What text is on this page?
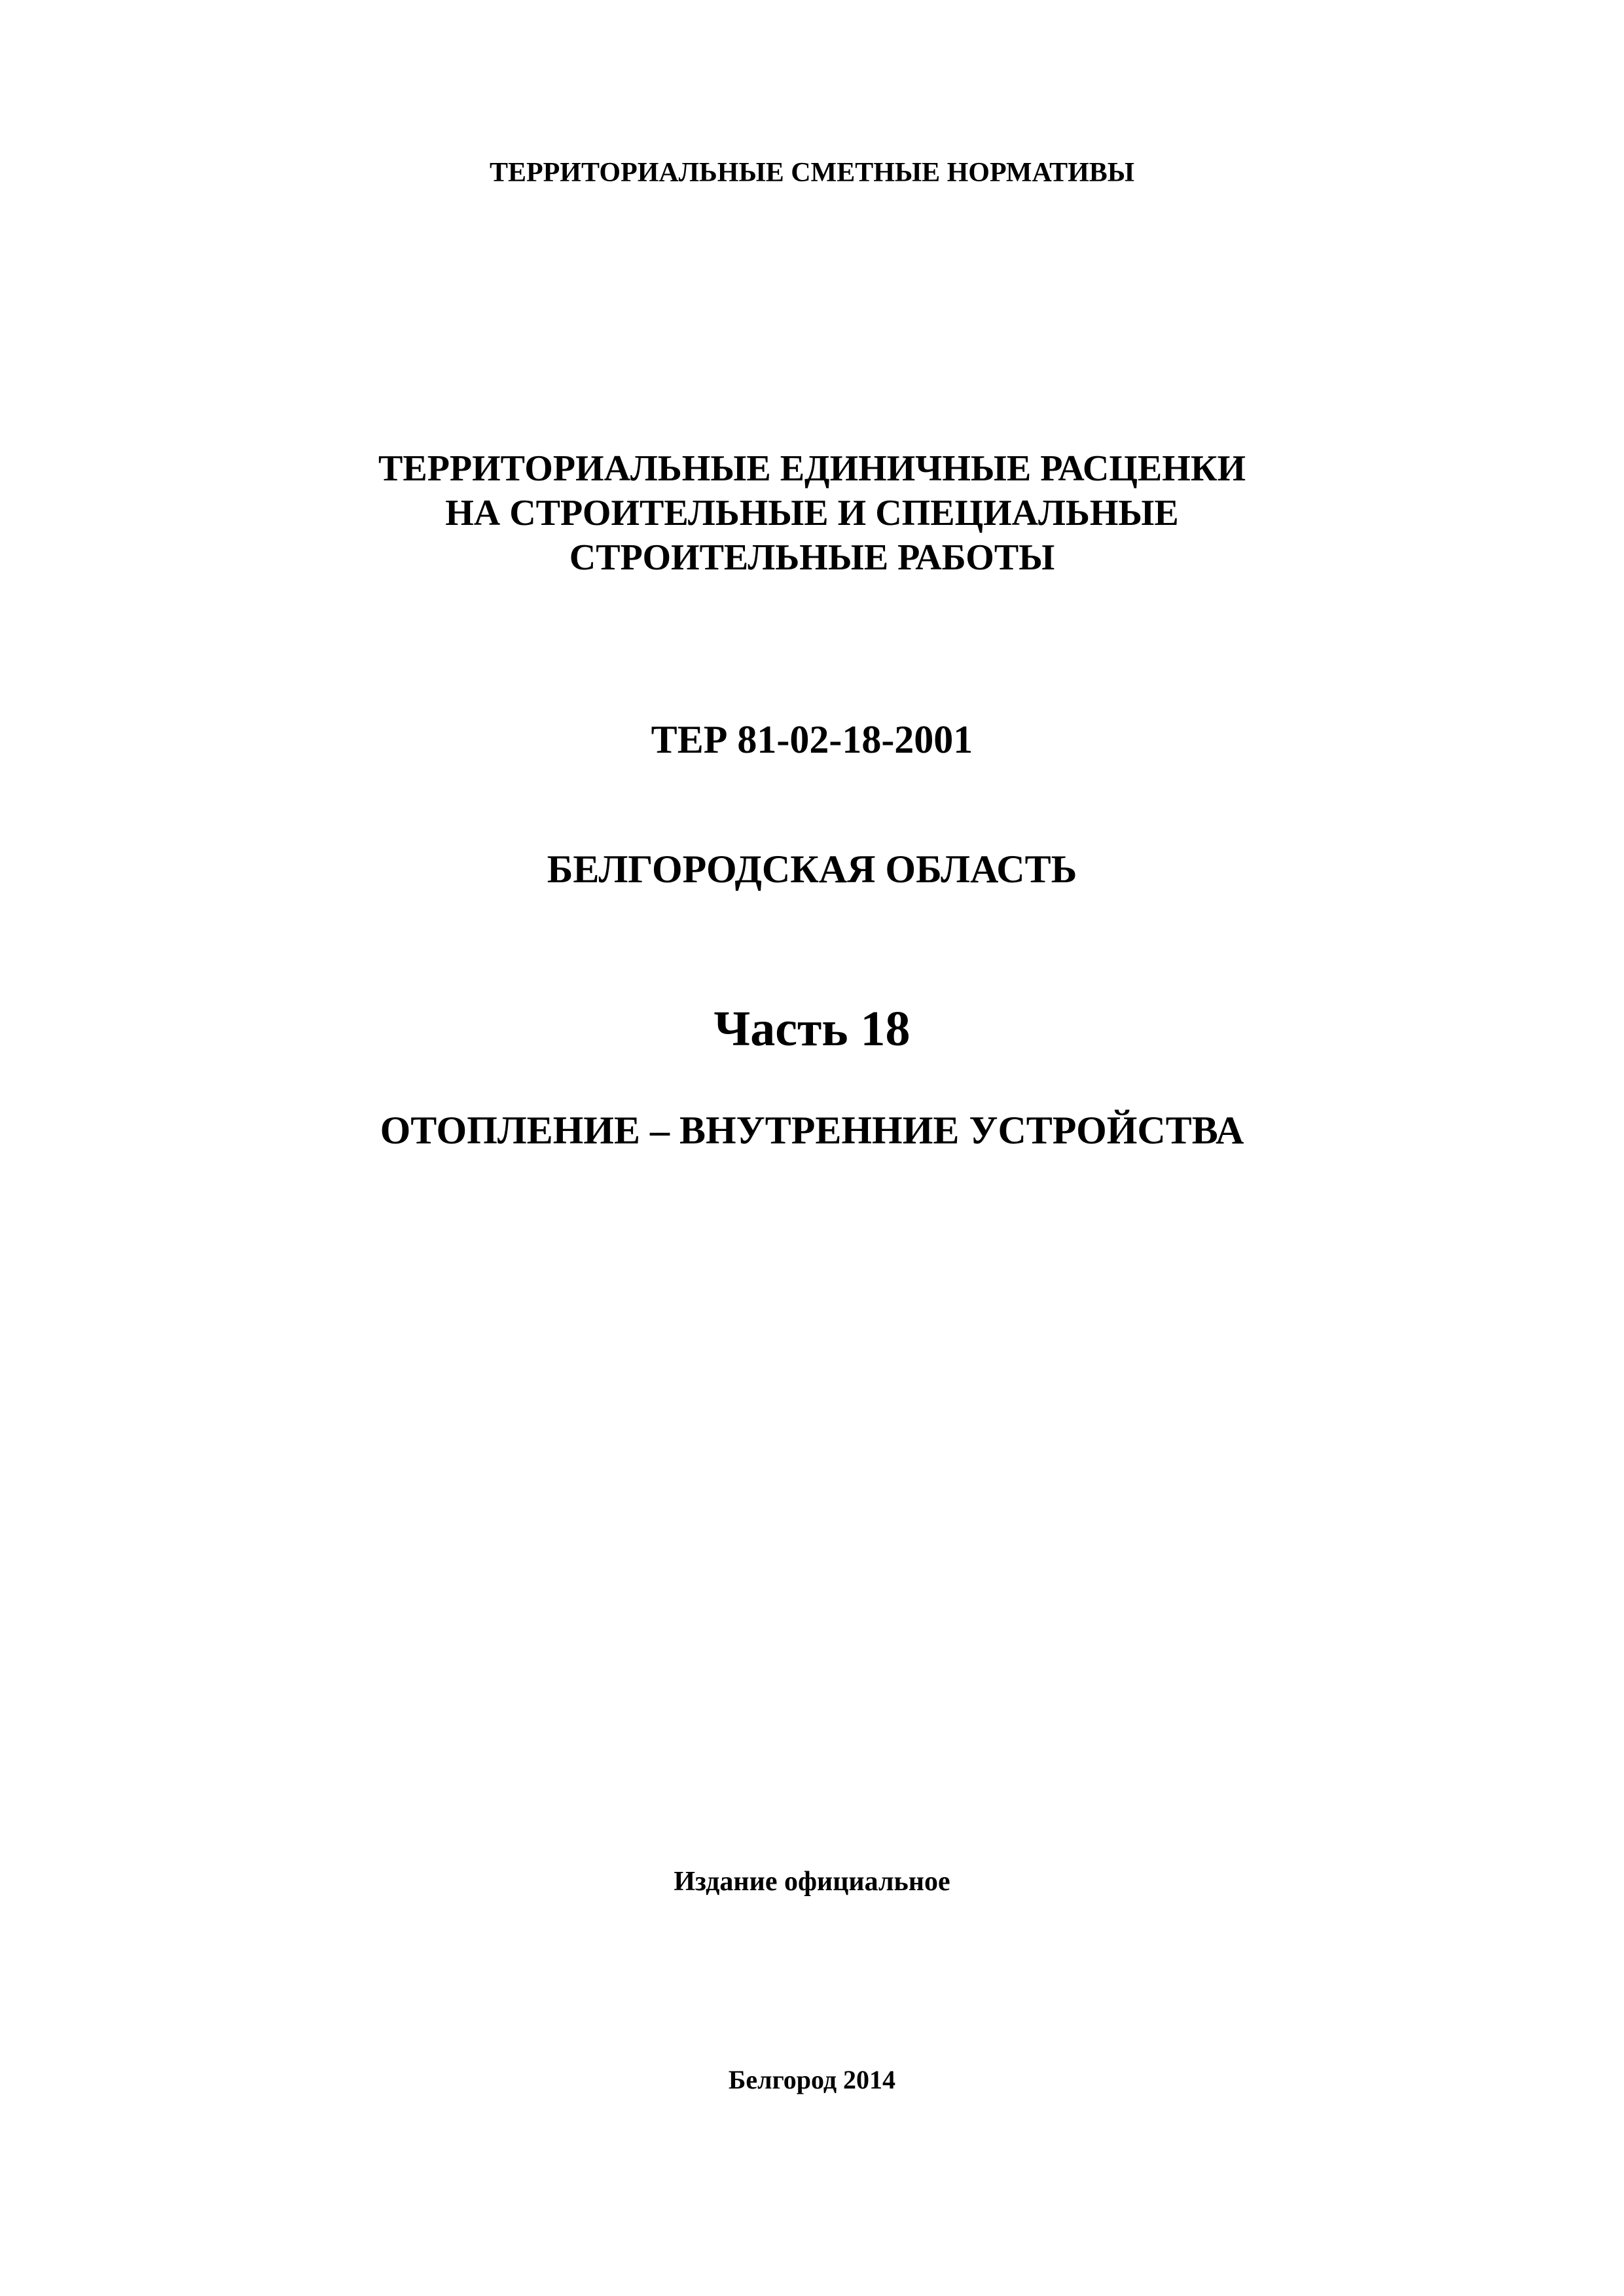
ТЕРРИТОРИАЛЬНЫЕ СМЕТНЫЕ НОРМАТИВЫ
ТЕРРИТОРИАЛЬНЫЕ ЕДИНИЧНЫЕ РАСЦЕНКИ
НА СТРОИТЕЛЬНЫЕ И СПЕЦИАЛЬНЫЕ
СТРОИТЕЛЬНЫЕ РАБОТЫ
ТЕР 81-02-18-2001
БЕЛГОРОДСКАЯ ОБЛАСТЬ
Часть 18
ОТОПЛЕНИЕ – ВНУТРЕННИЕ УСТРОЙСТВА
Издание официальное
Белгород 2014
